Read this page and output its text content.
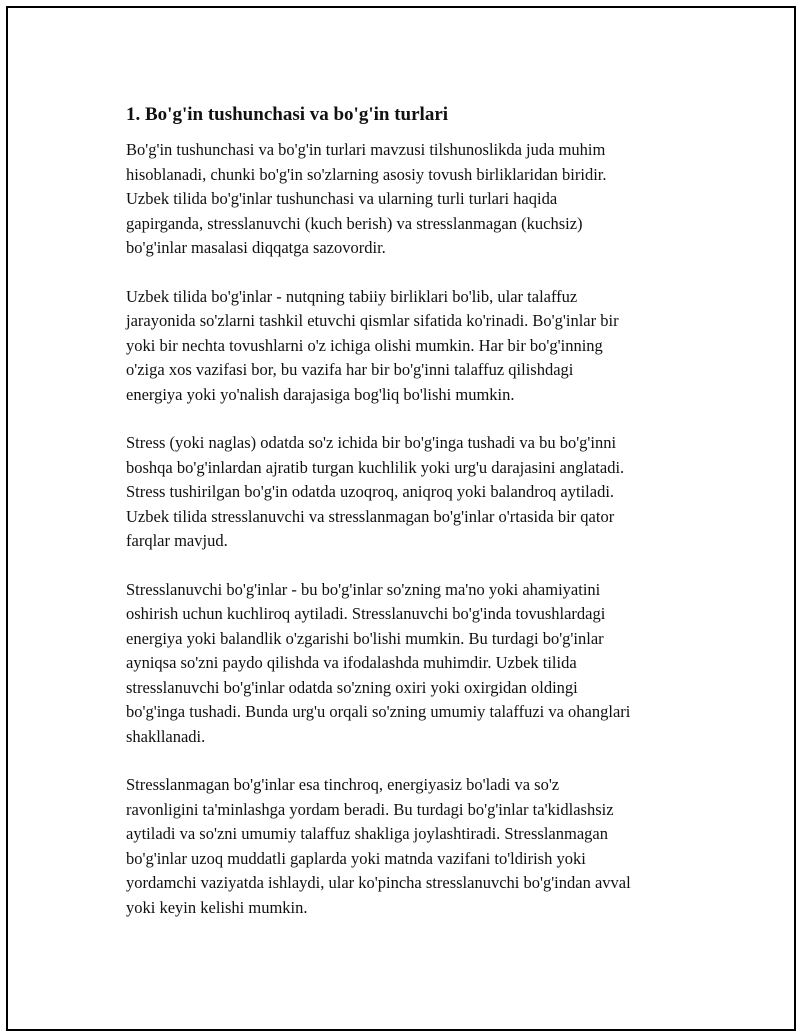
1. Bo'g'in tushunchasi va bo'g'in turlari

Bo'g'in tushunchasi va bo'g'in turlari mavzusi tilshunoslikda juda muhim
hisoblanadi, chunki bo'g'in so'zlarning asosiy tovush birliklaridan biridir.
Uzbek tilida bo'g'inlar tushunchasi va ularning turli turlari haqida
gapirganda, stresslanuvchi (kuch berish) va stresslanmagan (kuchsiz)
bo'g'inlar masalasi diqqatga sazovordir.

Uzbek tilida bo'g'inlar - nutqning tabiiy birliklari bo'lib, ular talaffuz
jarayonida so'zlarni tashkil etuvchi qismlar sifatida ko'rinadi. Bo'g'inlar bir
yoki bir nechta tovushlarni o'z ichiga olishi mumkin. Har bir bo'g'inning
o'ziga xos vazifasi bor, bu vazifa har bir bo'g'inni talaffuz qilishdagi
energiya yoki yo'nalish darajasiga bog'liq bo'lishi mumkin.

Stress (yoki naglas) odatda so'z ichida bir bo'g'inga tushadi va bu bo'g'inni
boshqa bo'g'inlardan ajratib turgan kuchlilik yoki urg'u darajasini anglatadi.
Stress tushirilgan bo'g'in odatda uzoqroq, aniqroq yoki balandroq aytiladi.
Uzbek tilida stresslanuvchi va stresslanmagan bo'g'inlar o'rtasida bir qator
farqlar mavjud.

Stresslanuvchi bo'g'inlar - bu bo'g'inlar so'zning ma'no yoki ahamiyatini
oshirish uchun kuchliroq aytiladi. Stresslanuvchi bo'g'inda tovushlardagi
energiya yoki balandlik o'zgarishi bo'lishi mumkin. Bu turdagi bo'g'inlar
ayniqsa so'zni paydo qilishda va ifodalashda muhimdir. Uzbek tilida
stresslanuvchi bo'g'inlar odatda so'zning oxiri yoki oxirgidan oldingi
bo'g'inga tushadi. Bunda urg'u orqali so'zning umumiy talaffuzi va ohanglari
shakllanadi.

Stresslanmagan bo'g'inlar esa tinchroq, energiyasiz bo'ladi va so'z
ravonligini ta'minlashga yordam beradi. Bu turdagi bo'g'inlar ta'kidlashsiz
aytiladi va so'zni umumiy talaffuz shakliga joylashtiradi. Stresslanmagan
bo'g'inlar uzoq muddatli gaplarda yoki matnda vazifani to'ldirish yoki
yordamchi vaziyatda ishlaydi, ular ko'pincha stresslanuvchi bo'g'indan avval
yoki keyin kelishi mumkin.
